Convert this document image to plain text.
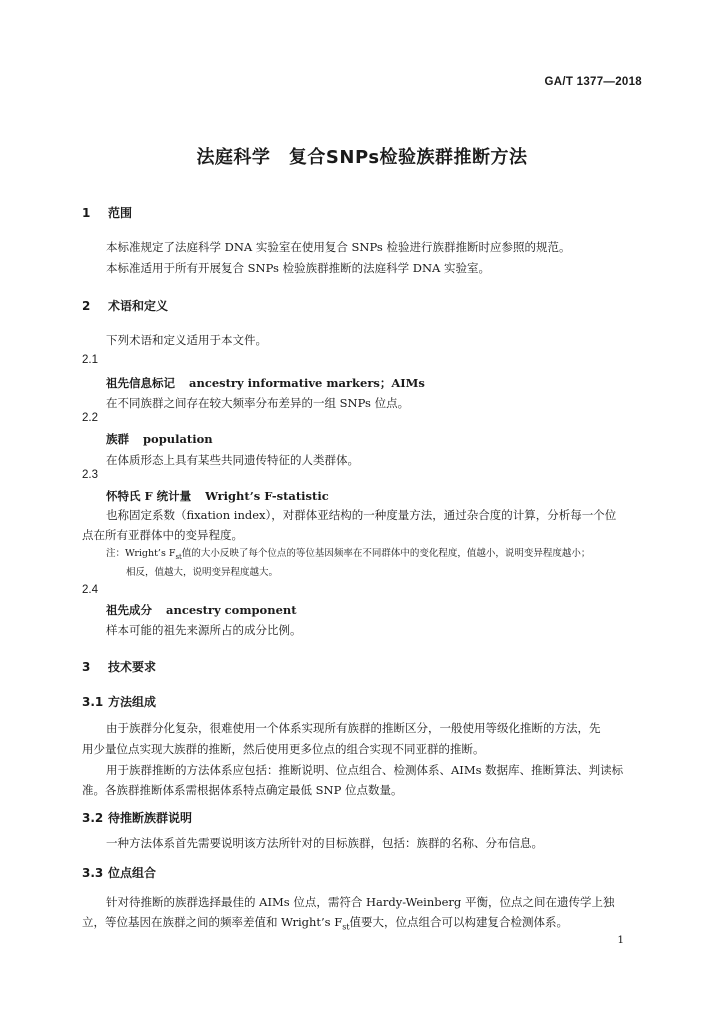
GA/T 1377—2018
法庭科学　复合SNPs检验族群推断方法
1 范围
本标准规定了法庭科学 DNA 实验室在使用复合 SNPs 检验进行族群推断时应参照的规范。
本标准适用于所有开展复合 SNPs 检验族群推断的法庭科学 DNA 实验室。
2 术语和定义
下列术语和定义适用于本文件。
2.1
祖先信息标记 ancestry informative markers；AIMs
在不同族群之间存在较大频率分布差异的一组 SNPs 位点。
2.2
族群 population
在体质形态上具有某些共同遗传特征的人类群体。
2.3
怀特氏 F 统计量 Wright’s F-statistic
也称固定系数（fixation index），对群体亚结构的一种度量方法，通过杂合度的计算，分析每一个位
点在所有亚群体中的变异程度。
注：Wright’s $F_{st}$值的大小反映了每个位点的等位基因频率在不同群体中的变化程度，值越小，说明变异程度越小；
相反，值越大，说明变异程度越大。
2.4
祖先成分 ancestry component
样本可能的祖先来源所占的成分比例。
3 技术要求
3.1 方法组成
由于族群分化复杂，很难使用一个体系实现所有族群的推断区分，一般使用等级化推断的方法，先
用少量位点实现大族群的推断，然后使用更多位点的组合实现不同亚群的推断。
用于族群推断的方法体系应包括：推断说明、位点组合、检测体系、AIMs 数据库、推断算法、判读标
准。各族群推断体系需根据体系特点确定最低 SNP 位点数量。
3.2 待推断族群说明
一种方法体系首先需要说明该方法所针对的目标族群，包括：族群的名称、分布信息。
3.3 位点组合
针对待推断的族群选择最佳的 AIMs 位点，需符合 Hardy-Weinberg 平衡，位点之间在遗传学上独
立，等位基因在族群之间的频率差值和 Wright’s $F_{st}$值要大，位点组合可以构建复合检测体系。
1
